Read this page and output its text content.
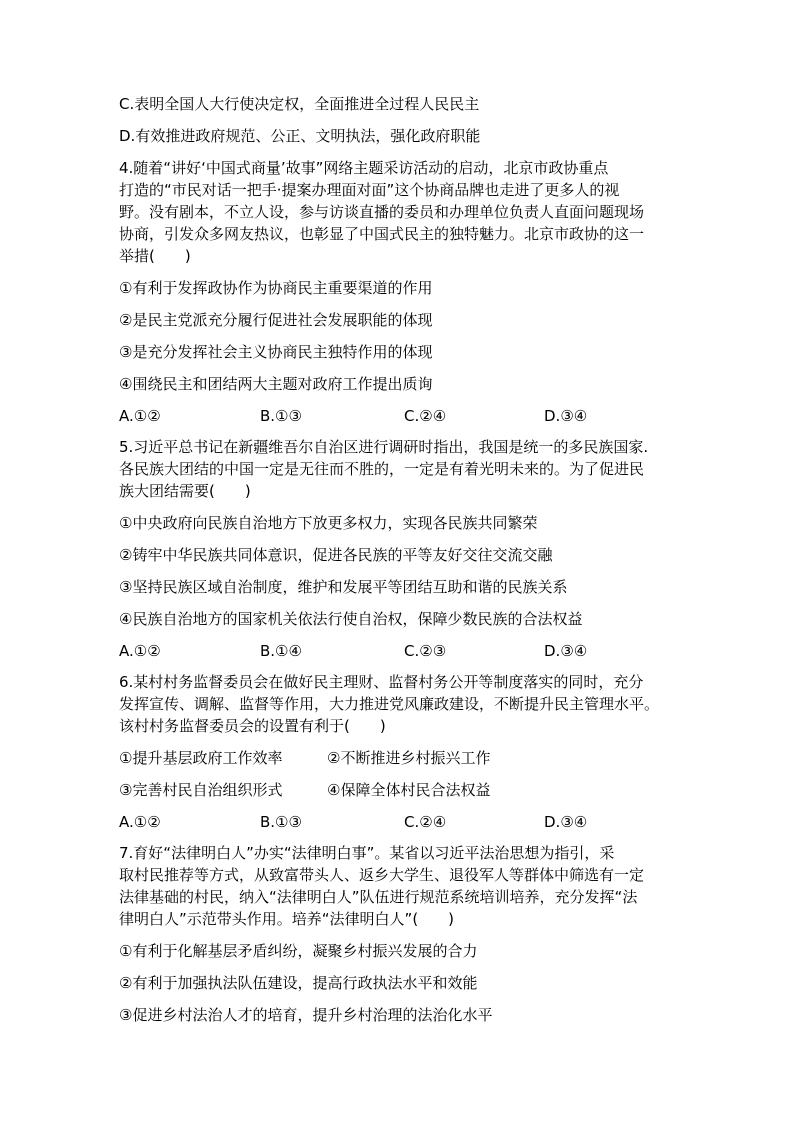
C.表明全国人大行使决定权，全面推进全过程人民民主
D.有效推进政府规范、公正、文明执法，强化政府职能
4.随着“讲好‘中国式商量’故事”网络主题采访活动的启动，北京市政协重点
打造的“市民对话一把手·提案办理面对面”这个协商品牌也走进了更多人的视
野。没有剧本，不立人设，参与访谈直播的委员和办理单位负责人直面问题现场
协商，引发众多网友热议，也彰显了中国式民主的独特魅力。北京市政协的这一
举措(　　)
①有利于发挥政协作为协商民主重要渠道的作用
②是民主党派充分履行促进社会发展职能的体现
③是充分发挥社会主义协商民主独特作用的体现
④围绕民主和团结两大主题对政府工作提出质询
A.①②	B.①③	C.②④	D.③④
5.习近平总书记在新疆维吾尔自治区进行调研时指出，我国是统一的多民族国家.
各民族大团结的中国一定是无往而不胜的，一定是有着光明未来的。为了促进民
族大团结需要(　　)
①中央政府向民族自治地方下放更多权力，实现各民族共同繁荣
②铸牢中华民族共同体意识，促进各民族的平等友好交往交流交融
③坚持民族区域自治制度，维护和发展平等团结互助和谐的民族关系
④民族自治地方的国家机关依法行使自治权，保障少数民族的合法权益
A.①②	B.①④	C.②③	D.③④
6.某村村务监督委员会在做好民主理财、监督村务公开等制度落实的同时，充分
发挥宣传、调解、监督等作用，大力推进党风廉政建设，不断提升民主管理水平。
该村村务监督委员会的设置有利于(　　)
①提升基层政府工作效率	②不断推进乡村振兴工作
③完善村民自治组织形式	④保障全体村民合法权益
A.①②	B.①③	C.②④	D.③④
7.育好“法律明白人”办实“法律明白事”。某省以习近平法治思想为指引，采
取村民推荐等方式，从致富带头人、返乡大学生、退役军人等群体中筛选有一定
法律基础的村民，纳入“法律明白人”队伍进行规范系统培训培养，充分发挥“法
律明白人”示范带头作用。培养“法律明白人”(　　)
①有利于化解基层矛盾纠纷，凝聚乡村振兴发展的合力
②有利于加强执法队伍建设，提高行政执法水平和效能
③促进乡村法治人才的培育，提升乡村治理的法治化水平
